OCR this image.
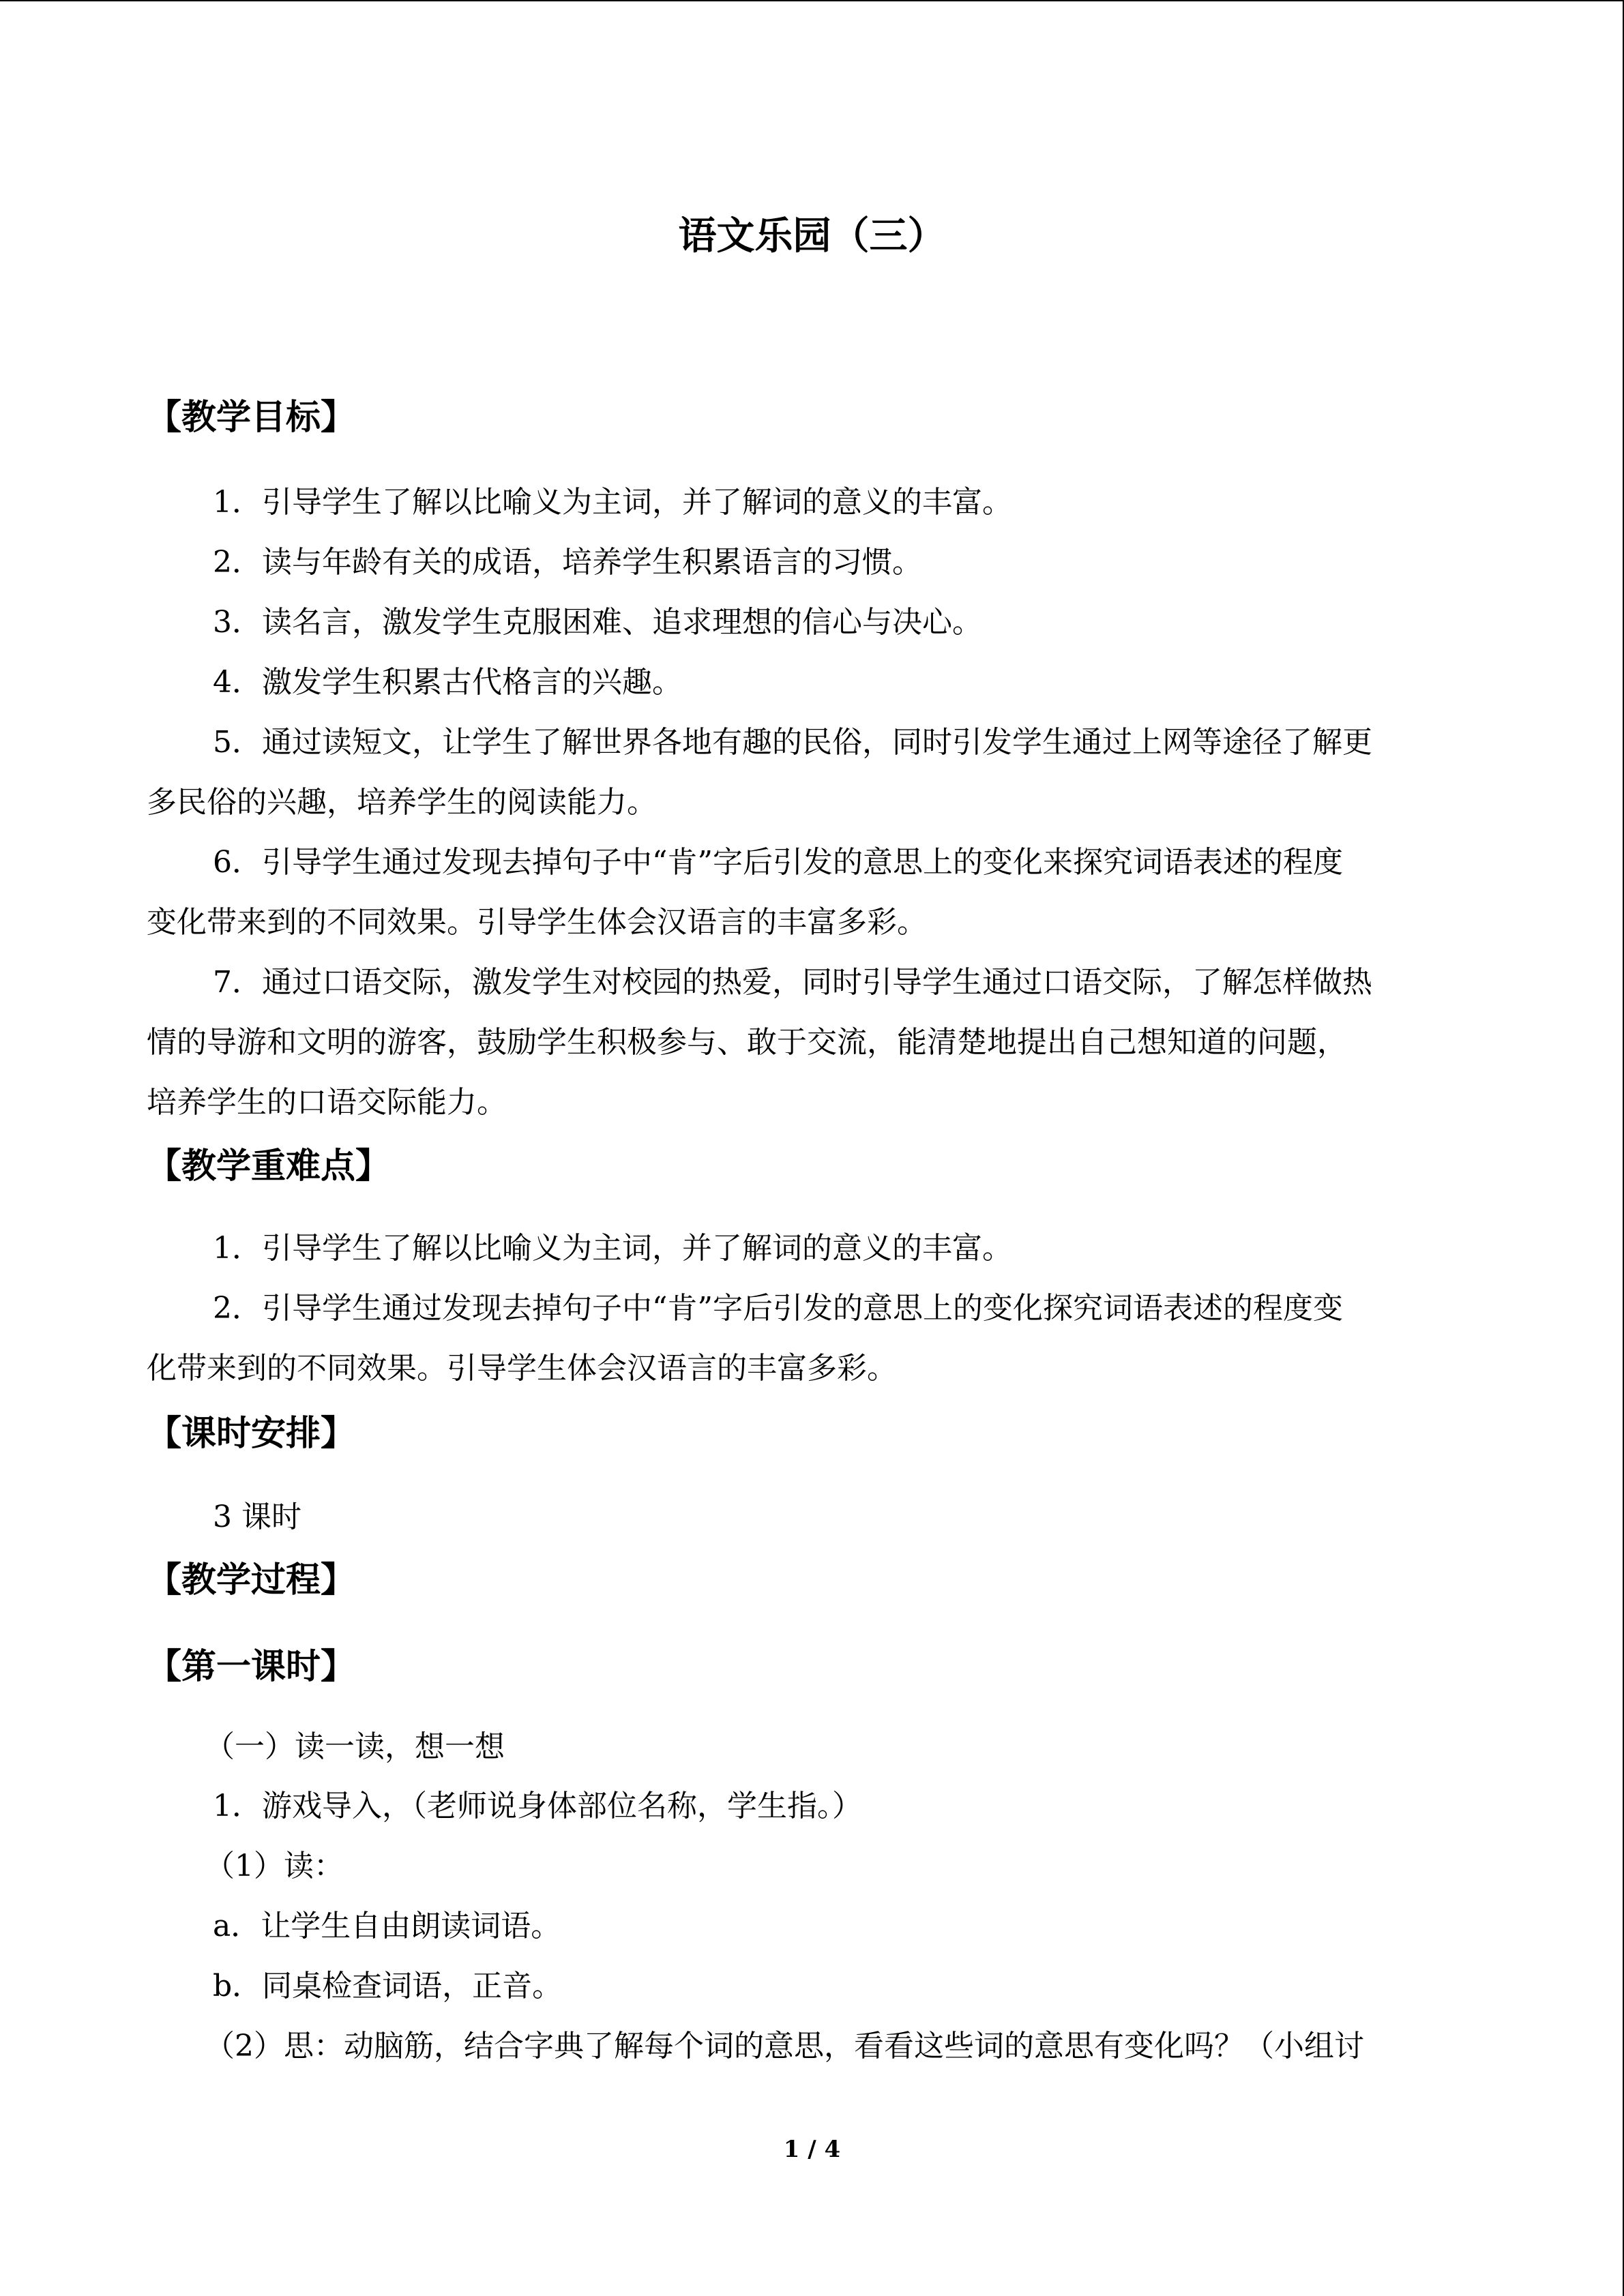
语文乐园（三）
【教学目标】
1．引导学生了解以比喻义为主词，并了解词的意义的丰富。
2．读与年龄有关的成语，培养学生积累语言的习惯。
3．读名言，激发学生克服困难、追求理想的信心与决心。
4．激发学生积累古代格言的兴趣。
5．通过读短文，让学生了解世界各地有趣的民俗，同时引发学生通过上网等途径了解更
多民俗的兴趣，培养学生的阅读能力。
6．引导学生通过发现去掉句子中“肯”字后引发的意思上的变化来探究词语表述的程度
变化带来到的不同效果。引导学生体会汉语言的丰富多彩。
7．通过口语交际，激发学生对校园的热爱，同时引导学生通过口语交际，了解怎样做热
情的导游和文明的游客，鼓励学生积极参与、敢于交流，能清楚地提出自己想知道的问题，
培养学生的口语交际能力。
【教学重难点】
1．引导学生了解以比喻义为主词，并了解词的意义的丰富。
2．引导学生通过发现去掉句子中“肯”字后引发的意思上的变化探究词语表述的程度变
化带来到的不同效果。引导学生体会汉语言的丰富多彩。
【课时安排】
3 课时
【教学过程】
【第一课时】
（一）读一读，想一想
1．游戏导入，（老师说身体部位名称，学生指。）
（1）读：
a．让学生自由朗读词语。
b．同桌检查词语，正音。
（2）思：动脑筋，结合字典了解每个词的意思，看看这些词的意思有变化吗？（小组讨
1 / 4
